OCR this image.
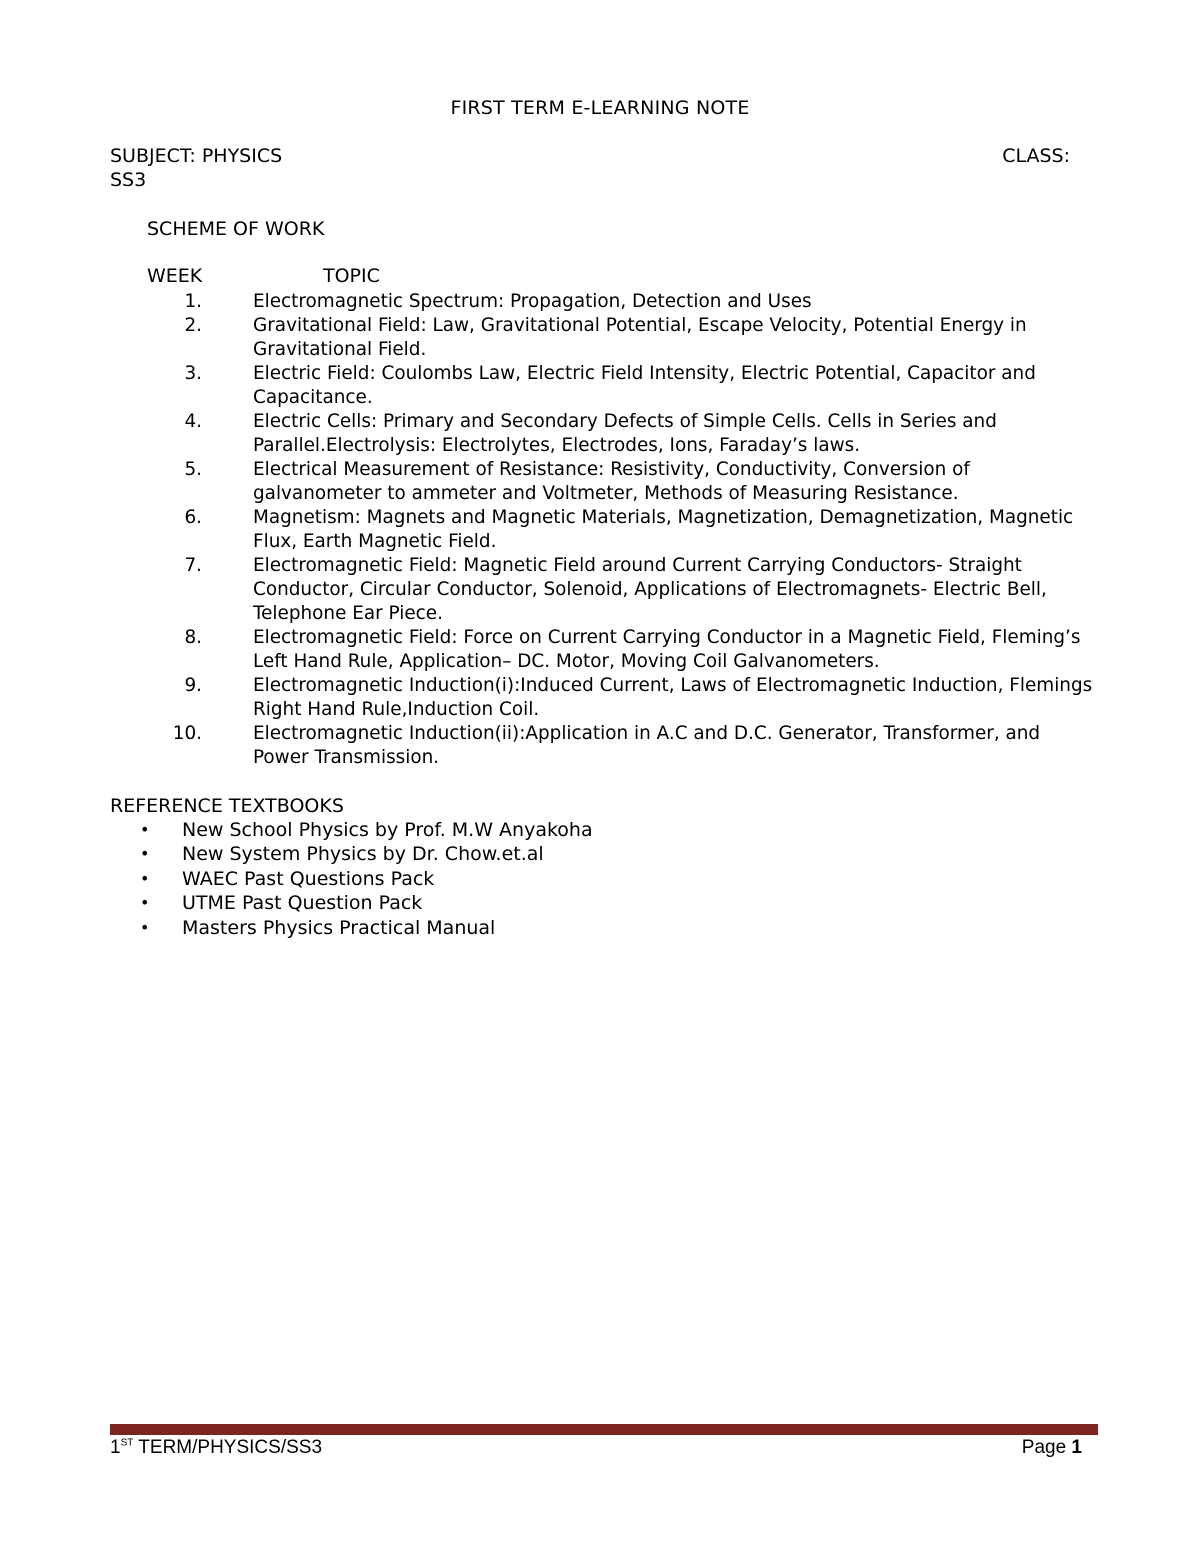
FIRST TERM E-LEARNING NOTE
SUBJECT: PHYSICS	CLASS:
SS3
SCHEME OF WORK
WEEK	TOPIC
1.	Electromagnetic Spectrum: Propagation, Detection and Uses
2.	Gravitational Field: Law, Gravitational Potential, Escape Velocity, Potential Energy in Gravitational Field.
3.	Electric Field: Coulombs Law, Electric Field Intensity, Electric Potential, Capacitor and Capacitance.
4.	Electric Cells: Primary and Secondary Defects of Simple Cells. Cells in Series and Parallel.Electrolysis: Electrolytes, Electrodes, Ions, Faraday’s laws.
5.	Electrical Measurement of Resistance: Resistivity, Conductivity, Conversion of galvanometer to ammeter and Voltmeter, Methods of Measuring Resistance.
6.	Magnetism: Magnets and Magnetic Materials, Magnetization, Demagnetization, Magnetic Flux, Earth Magnetic Field.
7.	Electromagnetic Field: Magnetic Field around Current Carrying Conductors- Straight Conductor, Circular Conductor, Solenoid, Applications of Electromagnets- Electric Bell, Telephone Ear Piece.
8.	Electromagnetic Field: Force on Current Carrying Conductor in a Magnetic Field, Fleming’s Left Hand Rule, Application– DC. Motor, Moving Coil Galvanometers.
9.	Electromagnetic Induction(i):Induced Current, Laws of Electromagnetic Induction, Flemings Right Hand Rule,Induction Coil.
10.	Electromagnetic Induction(ii):Application in A.C and D.C. Generator, Transformer, and Power Transmission.
REFERENCE TEXTBOOKS
•	New School Physics by Prof. M.W Anyakoha
•	New System Physics by Dr. Chow.et.al
•	WAEC Past Questions Pack
•	UTME Past Question Pack
•	Masters Physics Practical Manual
1ST TERM/PHYSICS/SS3	Page 1
